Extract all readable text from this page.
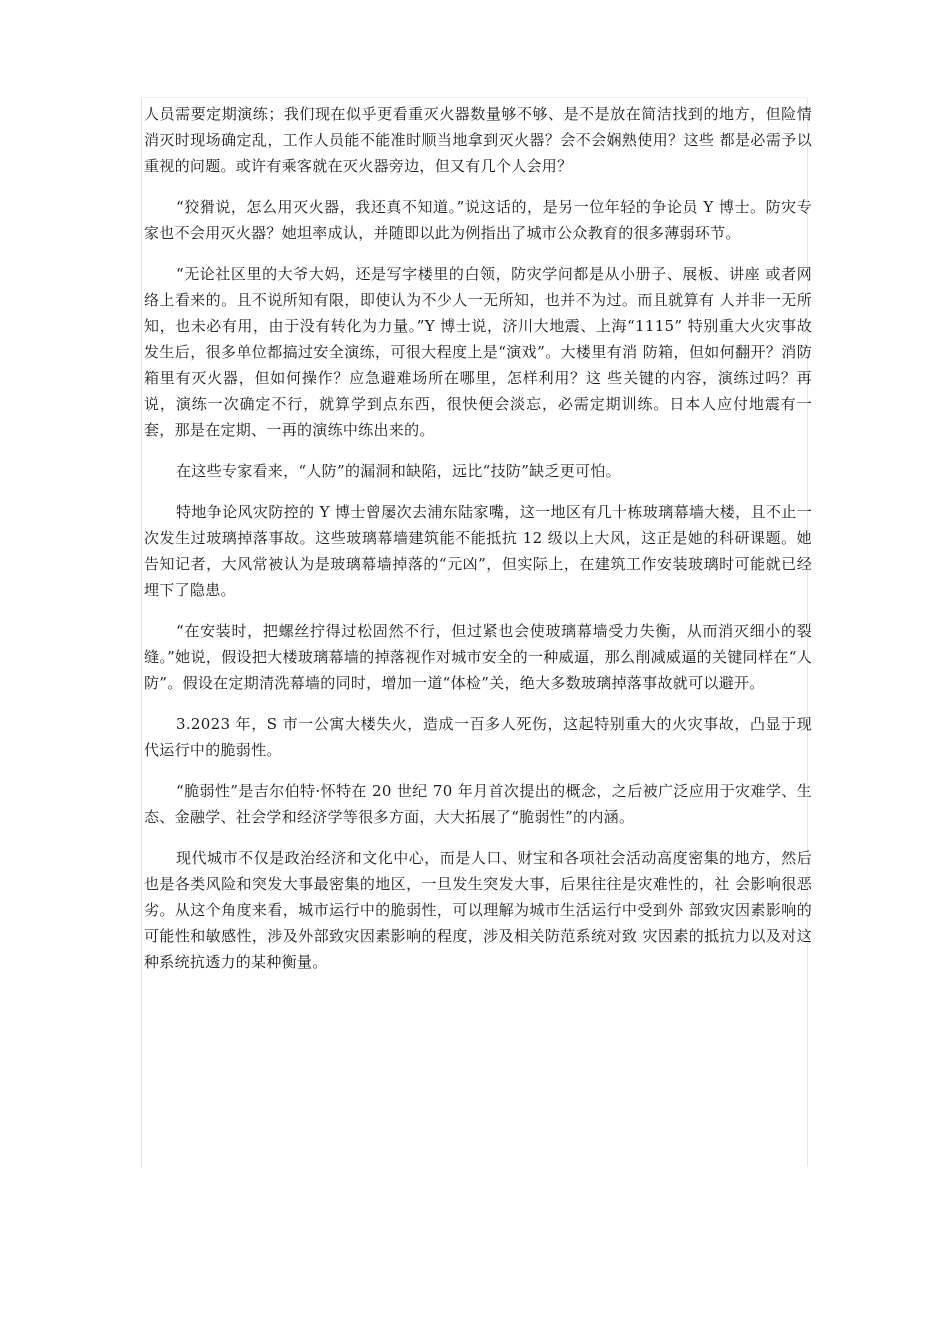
人员需要定期演练；我们现在似乎更看重灭火器数量够不够、是不是放在简洁找到的地方，但险情消灭时现场确定乱，工作人员能不能准时顺当地拿到灭火器？会不会娴熟使用？这些 都是必需予以重视的问题。或许有乘客就在灭火器旁边，但又有几个人会用？

“狡猾说，怎么用灭火器，我还真不知道。”说这话的，是另一位年轻的争论员 Y 博士。防灾专家也不会用灭火器？她坦率成认，并随即以此为例指出了城市公众教育的很多薄弱环节。

“无论社区里的大爷大妈，还是写字楼里的白领，防灾学问都是从小册子、展板、讲座 或者网络上看来的。且不说所知有限，即使认为不少人一无所知，也并不为过。而且就算有 人并非一无所知，也未必有用，由于没有转化为力量。”Y 博士说，济川大地震、上海“1115” 特别重大火灾事故发生后，很多单位都搞过安全演练，可很大程度上是“演戏”。大楼里有消 防箱，但如何翻开？消防箱里有灭火器，但如何操作？应急避难场所在哪里，怎样利用？这 些关键的内容，演练过吗？再说，演练一次确定不行，就算学到点东西，很快便会淡忘，必需定期训练。日本人应付地震有一套，那是在定期、一再的演练中练出来的。

在这些专家看来，“人防”的漏洞和缺陷，远比“技防”缺乏更可怕。

特地争论风灾防控的 Y 博士曾屡次去浦东陆家嘴，这一地区有几十栋玻璃幕墙大楼，且不止一次发生过玻璃掉落事故。这些玻璃幕墙建筑能不能抵抗 12 级以上大风，这正是她的科研课题。她告知记者，大风常被认为是玻璃幕墙掉落的“元凶”，但实际上，在建筑工作安装玻璃时可能就已经埋下了隐患。

“在安装时，把螺丝拧得过松固然不行，但过紧也会使玻璃幕墙受力失衡，从而消灭细小的裂缝。”她说，假设把大楼玻璃幕墙的掉落视作对城市安全的一种威逼，那么削减威逼的关键同样在“人防”。假设在定期清洗幕墙的同时，增加一道“体检”关，绝大多数玻璃掉落事故就可以避开。

3.2023 年，S 市一公寓大楼失火，造成一百多人死伤，这起特别重大的火灾事故，凸显于现代运行中的脆弱性。

“脆弱性”是吉尔伯特·怀特在 20 世纪 70 年月首次提出的概念，之后被广泛应用于灾难学、生态、金融学、社会学和经济学等很多方面，大大拓展了“脆弱性”的内涵。

现代城市不仅是政治经济和文化中心，而是人口、财宝和各项社会活动高度密集的地方，然后也是各类风险和突发大事最密集的地区，一旦发生突发大事，后果往往是灾难性的，社 会影响很恶劣。从这个角度来看，城市运行中的脆弱性，可以理解为城市生活运行中受到外 部致灾因素影响的可能性和敏感性，涉及外部致灾因素影响的程度，涉及相关防范系统对致 灾因素的抵抗力以及对这种系统抗透力的某种衡量。
